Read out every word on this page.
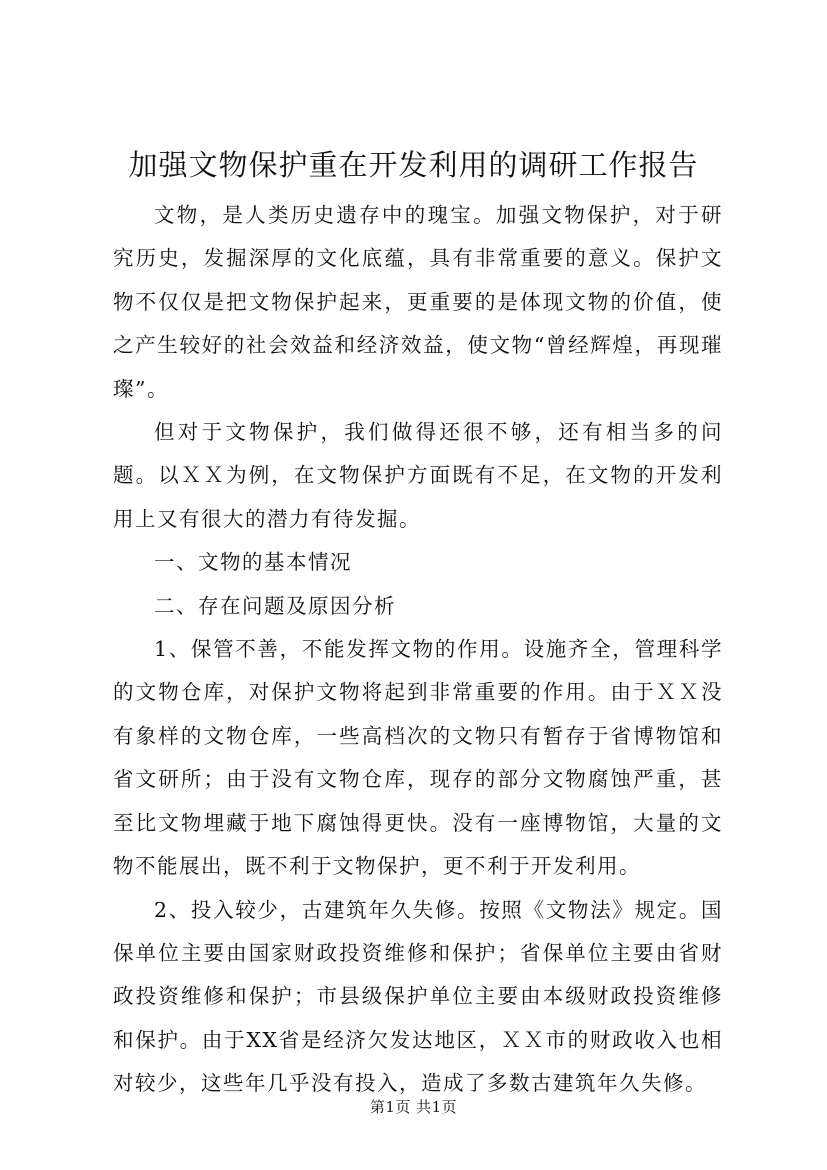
加强文物保护重在开发利用的调研工作报告

文物，是人类历史遗存中的瑰宝。加强文物保护，对于研究历史，发掘深厚的文化底蕴，具有非常重要的意义。保护文物不仅仅是把文物保护起来，更重要的是体现文物的价值，使之产生较好的社会效益和经济效益，使文物“曾经辉煌，再现璀璨”。

但对于文物保护，我们做得还很不够，还有相当多的问题。以ＸＸ为例，在文物保护方面既有不足，在文物的开发利用上又有很大的潜力有待发掘。

一、文物的基本情况

二、存在问题及原因分析

1、保管不善，不能发挥文物的作用。设施齐全，管理科学的文物仓库，对保护文物将起到非常重要的作用。由于ＸＸ没有象样的文物仓库，一些高档次的文物只有暂存于省博物馆和省文研所；由于没有文物仓库，现存的部分文物腐蚀严重，甚至比文物埋藏于地下腐蚀得更快。没有一座博物馆，大量的文物不能展出，既不利于文物保护，更不利于开发利用。

2、投入较少，古建筑年久失修。按照《文物法》规定。国保单位主要由国家财政投资维修和保护；省保单位主要由省财政投资维修和保护；市县级保护单位主要由本级财政投资维修和保护。由于XX省是经济欠发达地区，ＸＸ市的财政收入也相对较少，这些年几乎没有投入，造成了多数古建筑年久失修。

第1页 共1页
